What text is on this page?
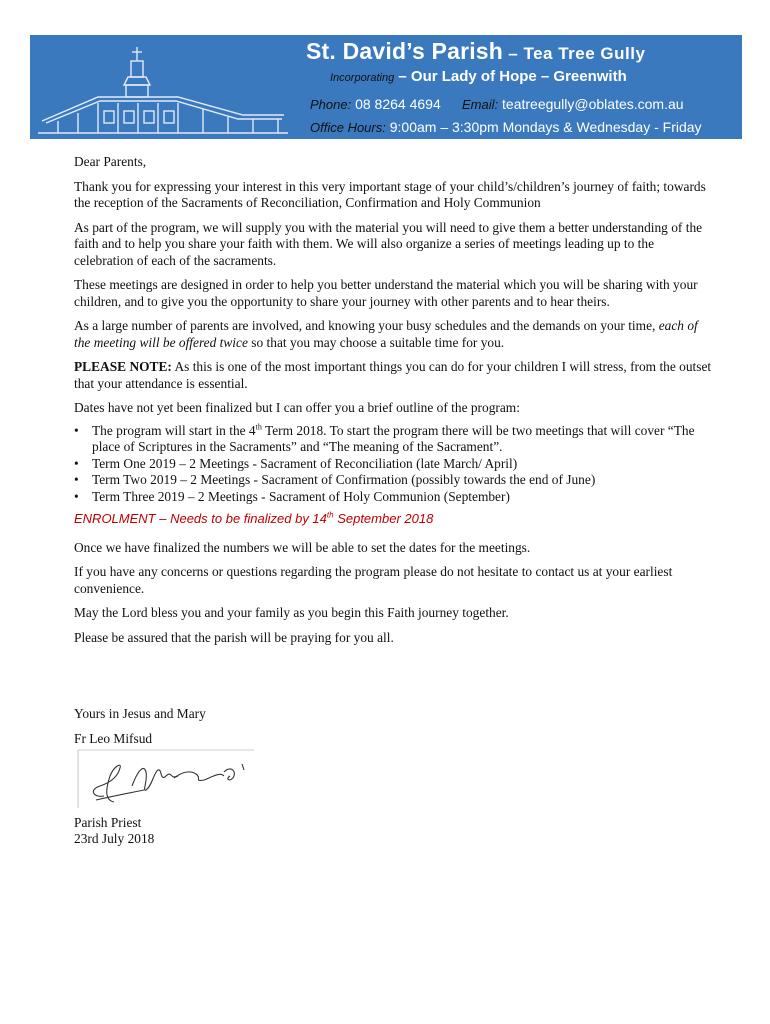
St. David’s Parish – Tea Tree Gully
Incorporating – Our Lady of Hope – Greenwith
Phone: 08 8264 4694 Email: teatreegully@oblates.com.au
Office Hours: 9:00am – 3:30pm Mondays & Wednesday - Friday

Dear Parents,

Thank you for expressing your interest in this very important stage of your child’s/children’s journey of faith; towards the reception of the Sacraments of Reconciliation, Confirmation and Holy Communion

As part of the program, we will supply you with the material you will need to give them a better understanding of the faith and to help you share your faith with them. We will also organize a series of meetings leading up to the celebration of each of the sacraments.

These meetings are designed in order to help you better understand the material which you will be sharing with your children, and to give you the opportunity to share your journey with other parents and to hear theirs.

As a large number of parents are involved, and knowing your busy schedules and the demands on your time, each of the meeting will be offered twice so that you may choose a suitable time for you.

PLEASE NOTE: As this is one of the most important things you can do for your children I will stress, from the outset that your attendance is essential.

Dates have not yet been finalized but I can offer you a brief outline of the program:

• The program will start in the 4th Term 2018. To start the program there will be two meetings that will cover “The place of Scriptures in the Sacraments” and “The meaning of the Sacrament”.
• Term One 2019 – 2 Meetings - Sacrament of Reconciliation (late March/ April)
• Term Two 2019 – 2 Meetings - Sacrament of Confirmation (possibly towards the end of June)
• Term Three 2019 – 2 Meetings - Sacrament of Holy Communion (September)
ENROLMENT – Needs to be finalized by 14th September 2018

Once we have finalized the numbers we will be able to set the dates for the meetings.

If you have any concerns or questions regarding the program please do not hesitate to contact us at your earliest convenience.

May the Lord bless you and your family as you begin this Faith journey together.

Please be assured that the parish will be praying for you all.

Yours in Jesus and Mary
Fr Leo Mifsud
Parish Priest
23rd July 2018
